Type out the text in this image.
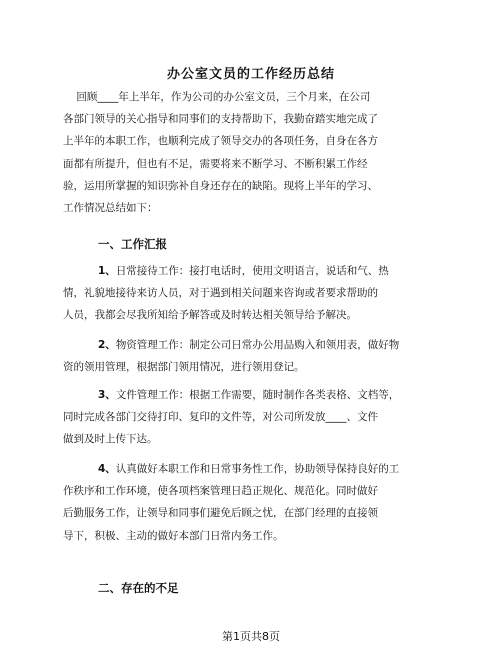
办公室文员的工作经历总结
回顾____年上半年，作为公司的办公室文员，三个月来，在公司
各部门领导的关心指导和同事们的支持帮助下，我勤奋踏实地完成了
上半年的本职工作，也顺利完成了领导交办的各项任务，自身在各方
面都有所提升，但也有不足，需要将来不断学习、不断积累工作经
验，运用所掌握的知识弥补自身还存在的缺陷。现将上半年的学习、
工作情况总结如下：
一、工作汇报
1、日常接待工作：接打电话时，使用文明语言，说话和气、热
情，礼貌地接待来访人员，对于遇到相关问题来咨询或者要求帮助的
人员，我都会尽我所知给予解答或及时转达相关领导给予解决。
2、物资管理工作：制定公司日常办公用品购入和领用表，做好物
资的领用管理，根据部门领用情况，进行领用登记。
3、文件管理工作：根据工作需要，随时制作各类表格、文档等，
同时完成各部门交待打印、复印的文件等，对公司所发放____、文件
做到及时上传下达。
4、认真做好本职工作和日常事务性工作，协助领导保持良好的工
作秩序和工作环境，使各项档案管理日趋正规化、规范化。同时做好
后勤服务工作，让领导和同事们避免后顾之忧，在部门经理的直接领
导下，积极、主动的做好本部门日常内务工作。
二、存在的不足
第1页共8页
